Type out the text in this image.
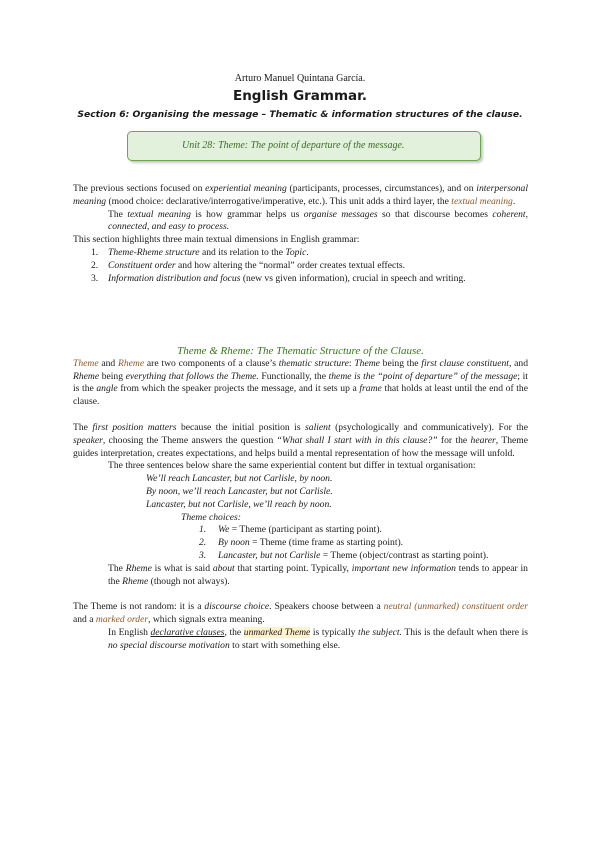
Arturo Manuel Quintana García.
English Grammar.
Section 6: Organising the message – Thematic & information structures of the clause.
Unit 28: Theme: The point of departure of the message.

The previous sections focused on experiential meaning (participants, processes, circumstances), and on interpersonal meaning (mood choice: declarative/interrogative/imperative, etc.). This unit adds a third layer, the textual meaning.

The textual meaning is how grammar helps us organise messages so that discourse becomes coherent, connected, and easy to process.

This section highlights three main textual dimensions in English grammar:

1. Theme-Rheme structure and its relation to the Topic.
2. Constituent order and how altering the “normal” order creates textual effects.
3. Information distribution and focus (new vs given information), crucial in speech and writing.

Theme & Rheme: The Thematic Structure of the Clause.

Theme and Rheme are two components of a clause’s thematic structure: Theme being the first clause constituent, and Rheme being everything that follows the Theme. Functionally, the theme is the “point of departure” of the message; it is the angle from which the speaker projects the message, and it sets up a frame that holds at least until the end of the clause.

The first position matters because the initial position is salient (psychologically and communicatively). For the speaker, choosing the Theme answers the question “What shall I start with in this clause?” for the hearer, Theme guides interpretation, creates expectations, and helps build a mental representation of how the message will unfold.

The three sentences below share the same experiential content but differ in textual organisation:

We’ll reach Lancaster, but not Carlisle, by noon.

By noon, we’ll reach Lancaster, but not Carlisle.

Lancaster, but not Carlisle, we’ll reach by noon.

Theme choices:

1. We = Theme (participant as starting point).
2. By noon = Theme (time frame as starting point).
3. Lancaster, but not Carlisle = Theme (object/contrast as starting point).

The Rheme is what is said about that starting point. Typically, important new information tends to appear in the Rheme (though not always).

The Theme is not random: it is a discourse choice. Speakers choose between a neutral (unmarked) constituent order and a marked order, which signals extra meaning.

In English declarative clauses, the unmarked Theme is typically the subject. This is the default when there is no special discourse motivation to start with something else.
